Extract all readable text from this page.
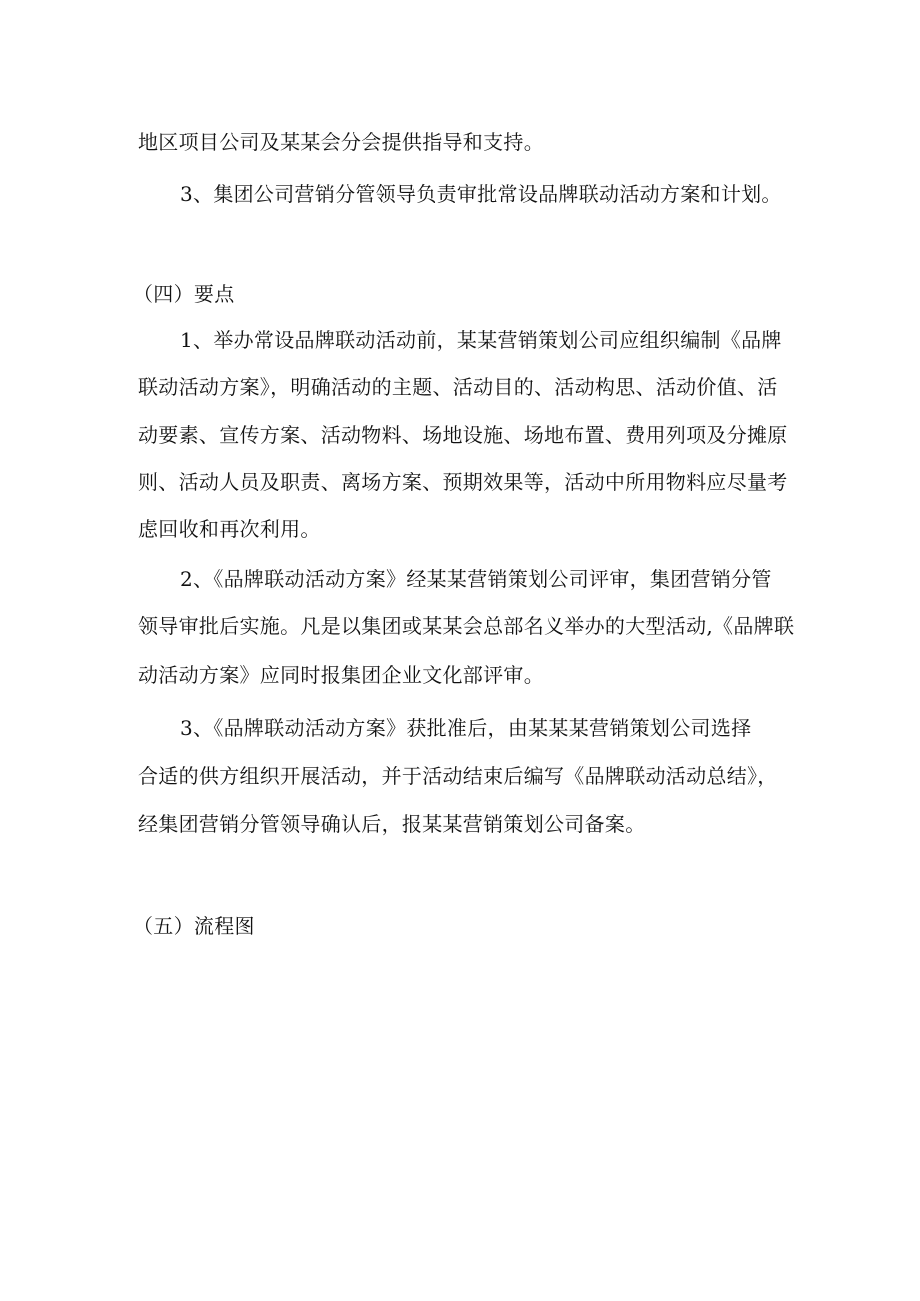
地区项目公司及某某会分会提供指导和支持。
3、集团公司营销分管领导负责审批常设品牌联动活动方案和计划。
（四）要点
1、举办常设品牌联动活动前，某某营销策划公司应组织编制《品牌
联动活动方案》，明确活动的主题、活动目的、活动构思、活动价值、活
动要素、宣传方案、活动物料、场地设施、场地布置、费用列项及分摊原
则、活动人员及职责、离场方案、预期效果等，活动中所用物料应尽量考
虑回收和再次利用。
2、《品牌联动活动方案》经某某营销策划公司评审，集团营销分管
领导审批后实施。凡是以集团或某某会总部名义举办的大型活动,《品牌联
动活动方案》应同时报集团企业文化部评审。
3、《品牌联动活动方案》获批准后，由某某某营销策划公司选择
合适的供方组织开展活动，并于活动结束后编写《品牌联动活动总结》，
经集团营销分管领导确认后，报某某营销策划公司备案。
（五）流程图
